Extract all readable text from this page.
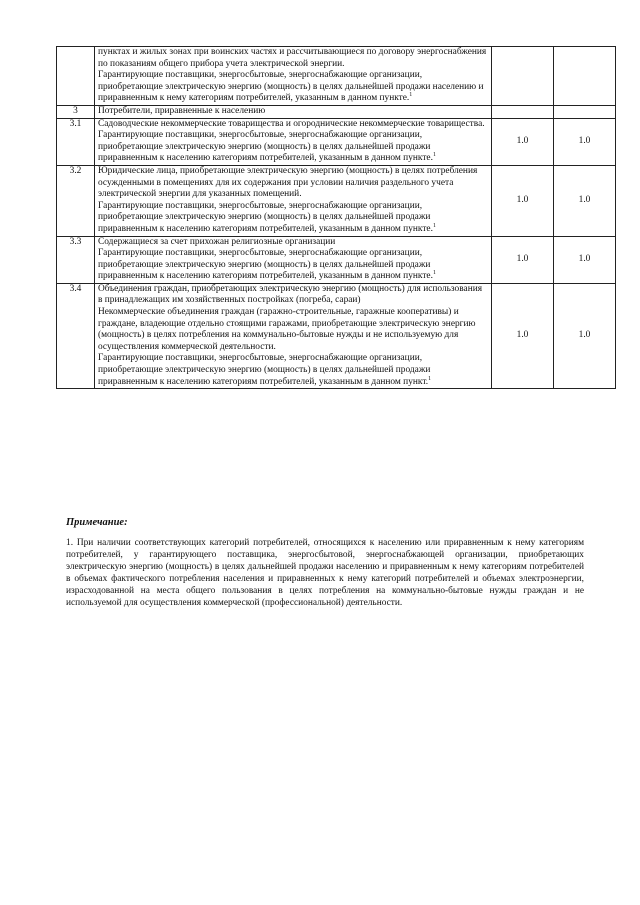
	пунктах и жилых зонах при воинских частях и рассчитывающиеся по договору энергоснабжения по показаниям общего прибора учета электрической энергии.
Гарантирующие поставщики, энергосбытовые, энергоснабжающие организации, приобретающие электрическую энергию (мощность) в целях дальнейшей продажи населению и приравненным к нему категориям потребителей, указанным в данном пункте.$^1$

3	Потребители, приравненные к населению		

3.1	Садоводческие некоммерческие товарищества и огороднические некоммерческие товарищества.
Гарантирующие поставщики, энергосбытовые, энергоснабжающие организации, приобретающие электрическую энергию (мощность) в целях дальнейшей продажи приравненным к населению категориям потребителей, указанным в данном пункте.$^1$	1.0	1.0
3.2	Юридические лица, приобретающие электрическую энергию (мощность) в целях потребления осужденными в помещениях для их содержания при условии наличия раздельного учета электрической энергии для указанных помещений.
Гарантирующие поставщики, энергосбытовые, энергоснабжающие организации, приобретающие электрическую энергию (мощность) в целях дальнейшей продажи приравненным к населению категориям потребителей, указанным в данном пункте.$^1$	1.0	1.0
3.3	Содержащиеся за счет прихожан религиозные организации
Гарантирующие поставщики, энергосбытовые, энергоснабжающие организации, приобретающие электрическую энергию (мощность) в целях дальнейшей продажи приравненным к населению категориям потребителей, указанным в данном пункте.$^1$	1.0	1.0
3.4	Объединения граждан, приобретающих электрическую энергию (мощность) для использования в принадлежащих им хозяйственных постройках (погреба, сараи)
Некоммерческие объединения граждан (гаражно-строительные, гаражные кооперативы) и граждане, владеющие отдельно стоящими гаражами, приобретающие электрическую энергию (мощность) в целях потребления на коммунально-бытовые нужды и не используемую для осуществления коммерческой деятельности.
Гарантирующие поставщики, энергосбытовые, энергоснабжающие организации, приобретающие электрическую энергию (мощность) в целях дальнейшей продажи приравненным к населению категориям потребителей, указанным в данном пункт.$^1$	1.0	1.0
Примечание:
1. При наличии соответствующих категорий потребителей, относящихся к населению или приравненным к нему категориям потребителей, у гарантирующего поставщика, энергосбытовой, энергоснабжающей организации, приобретающих электрическую энергию (мощность) в целях дальнейшей продажи населению и приравненным к нему категориям потребителей в объемах фактического потребления населения и приравненных к нему категорий потребителей и объемах электроэнергии, израсходованной на места общего пользования в целях потребления на коммунально-бытовые нужды граждан и не используемой для осуществления коммерческой (профессиональной) деятельности.
